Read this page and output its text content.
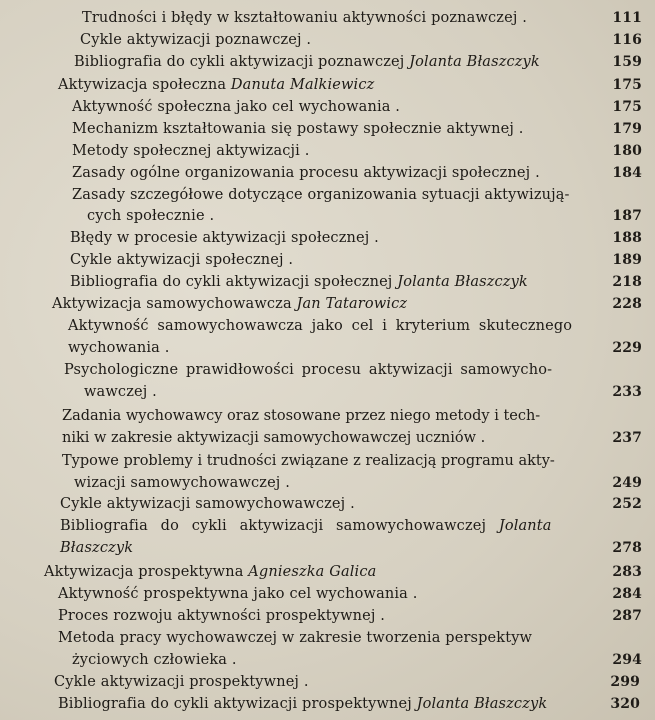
Trudności i błędy w kształtowaniu aktywności poznawczej .	111
Cykle aktywizacji poznawczej .	116
Bibliografia do cykli aktywizacji poznawczej Jolanta Błaszczyk	159
Aktywizacja społeczna Danuta Malkiewicz	175
Aktywność społeczna jako cel wychowania .	175
Mechanizm kształtowania się postawy społecznie aktywnej .	179
Metody społecznej aktywizacji .	180
Zasady ogólne organizowania procesu aktywizacji społecznej .	184
Zasady szczegółowe dotyczące organizowania sytuacji aktywizują-
cych społecznie .	187
Błędy w procesie aktywizacji społecznej .	188
Cykle aktywizacji społecznej .	189
Bibliografia do cykli aktywizacji społecznej Jolanta Błaszczyk	218
Aktywizacja samowychowawcza Jan Tatarowicz	228
Aktywność samowychowawcza jako cel i kryterium skutecznego
wychowania .	229
Psychologiczne prawidłowości procesu aktywizacji samowycho-
wawczej .	233
Zadania wychowawcy oraz stosowane przez niego metody i tech-
niki w zakresie aktywizacji samowychowawczej uczniów .	237
Typowe problemy i trudności związane z realizacją programu akty-
wizacji samowychowawczej .	249
Cykle aktywizacji samowychowawczej .	252
Bibliografia do cykli aktywizacji samowychowawczej Jolanta
Błaszczyk	278
Aktywizacja prospektywna Agnieszka Galica	283
Aktywność prospektywna jako cel wychowania .	284
Proces rozwoju aktywności prospektywnej .	287
Metoda pracy wychowawczej w zakresie tworzenia perspektyw
życiowych człowieka .	294
Cykle aktywizacji prospektywnej .	299
Bibliografia do cykli aktywizacji prospektywnej Jolanta Błaszczyk	320
